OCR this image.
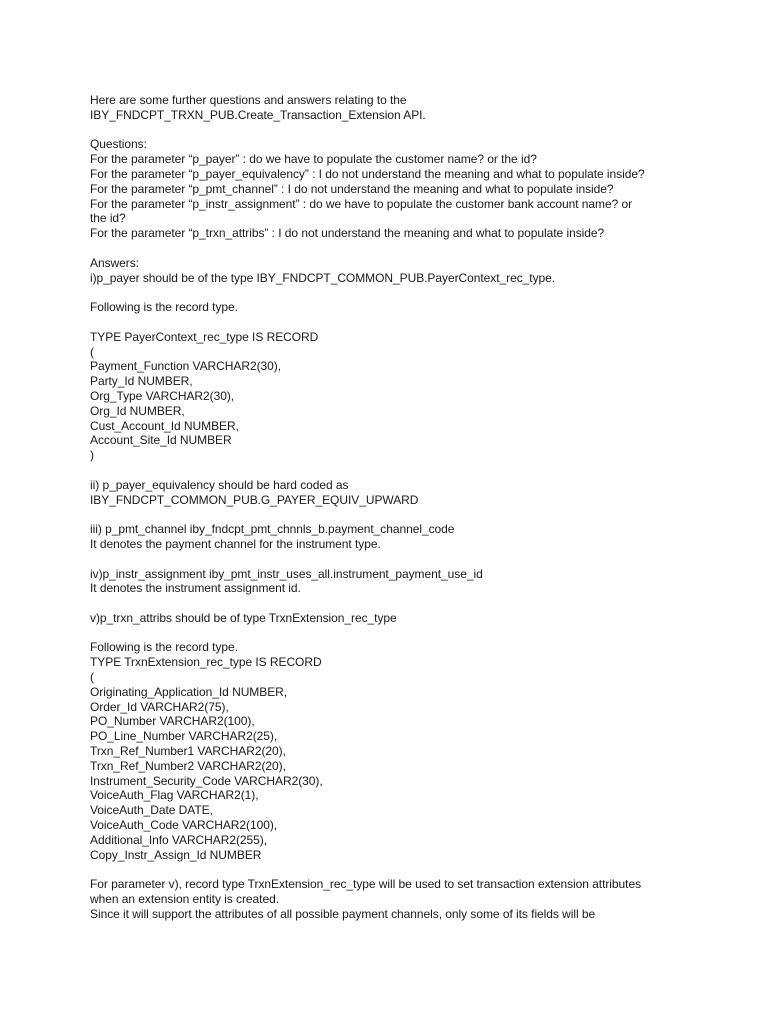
Here are some further questions and answers relating to the
IBY_FNDCPT_TRXN_PUB.Create_Transaction_Extension API.
Questions:
For the parameter “p_payer” : do we have to populate the customer name? or the id?
For the parameter “p_payer_equivalency” : I do not understand the meaning and what to populate inside?
For the parameter “p_pmt_channel” : I do not understand the meaning and what to populate inside?
For the parameter “p_instr_assignment” : do we have to populate the customer bank account name? or
the id?
For the parameter “p_trxn_attribs” : I do not understand the meaning and what to populate inside?
Answers:
i)p_payer should be of the type IBY_FNDCPT_COMMON_PUB.PayerContext_rec_type.
Following is the record type.
TYPE PayerContext_rec_type IS RECORD
(
Payment_Function VARCHAR2(30),
Party_Id NUMBER,
Org_Type VARCHAR2(30),
Org_Id NUMBER,
Cust_Account_Id NUMBER,
Account_Site_Id NUMBER
)
ii) p_payer_equivalency should be hard coded as
IBY_FNDCPT_COMMON_PUB.G_PAYER_EQUIV_UPWARD
iii) p_pmt_channel iby_fndcpt_pmt_chnnls_b.payment_channel_code
It denotes the payment channel for the instrument type.
iv)p_instr_assignment iby_pmt_instr_uses_all.instrument_payment_use_id
It denotes the instrument assignment id.
v)p_trxn_attribs should be of type TrxnExtension_rec_type
Following is the record type.
TYPE TrxnExtension_rec_type IS RECORD
(
Originating_Application_Id NUMBER,
Order_Id VARCHAR2(75),
PO_Number VARCHAR2(100),
PO_Line_Number VARCHAR2(25),
Trxn_Ref_Number1 VARCHAR2(20),
Trxn_Ref_Number2 VARCHAR2(20),
Instrument_Security_Code VARCHAR2(30),
VoiceAuth_Flag VARCHAR2(1),
VoiceAuth_Date DATE,
VoiceAuth_Code VARCHAR2(100),
Additional_Info VARCHAR2(255),
Copy_Instr_Assign_Id NUMBER
For parameter v), record type TrxnExtension_rec_type will be used to set transaction extension attributes
when an extension entity is created.
Since it will support the attributes of all possible payment channels, only some of its fields will be
